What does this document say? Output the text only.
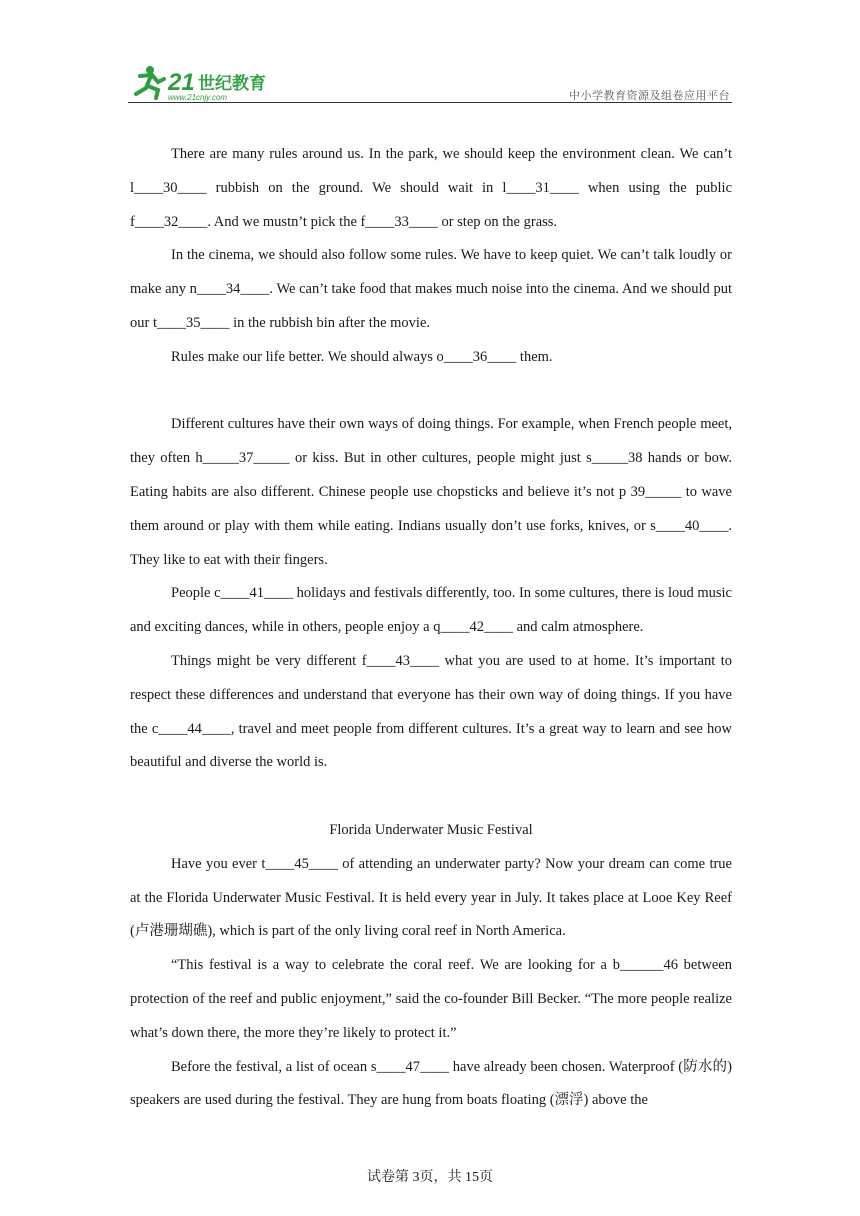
21 世纪教育
www.21cnjy.com	中小学教育资源及组卷应用平台

There are many rules around us. In the park, we should keep the environment clean. We can’t l____30____ rubbish on the ground. We should wait in l____31____ when using the public f____32____. And we mustn’t pick the f____33____ or step on the grass.

In the cinema, we should also follow some rules. We have to keep quiet. We can’t talk loudly or make any n____34____. We can’t take food that makes much noise into the cinema. And we should put our t____35____ in the rubbish bin after the movie.

Rules make our life better. We should always o____36____ them.

Different cultures have their own ways of doing things. For example, when French people meet, they often h_____37_____ or kiss. But in other cultures, people might just s_____38 hands or bow. Eating habits are also different. Chinese people use chopsticks and believe it’s not p 39_____ to wave them around or play with them while eating. Indians usually don’t use forks, knives, or s____40____. They like to eat with their fingers.

People c____41____ holidays and festivals differently, too. In some cultures, there is loud music and exciting dances, while in others, people enjoy a q____42____ and calm atmosphere.

Things might be very different f____43____ what you are used to at home. It’s important to respect these differences and understand that everyone has their own way of doing things. If you have the c____44____, travel and meet people from different cultures. It’s a great way to learn and see how beautiful and diverse the world is.

Florida Underwater Music Festival

Have you ever t____45____ of attending an underwater party? Now your dream can come true at the Florida Underwater Music Festival. It is held every year in July. It takes place at Looe Key Reef (卢港珊瑚礁), which is part of the only living coral reef in North America.

“This festival is a way to celebrate the coral reef. We are looking for a b______46 between protection of the reef and public enjoyment,” said the co-founder Bill Becker. “The more people realize what’s down there, the more they’re likely to protect it.”

Before the festival, a list of ocean s____47____ have already been chosen. Waterproof (防水的) speakers are used during the festival. They are hung from boats floating (漂浮) above the

试卷第 3页，共 15页
